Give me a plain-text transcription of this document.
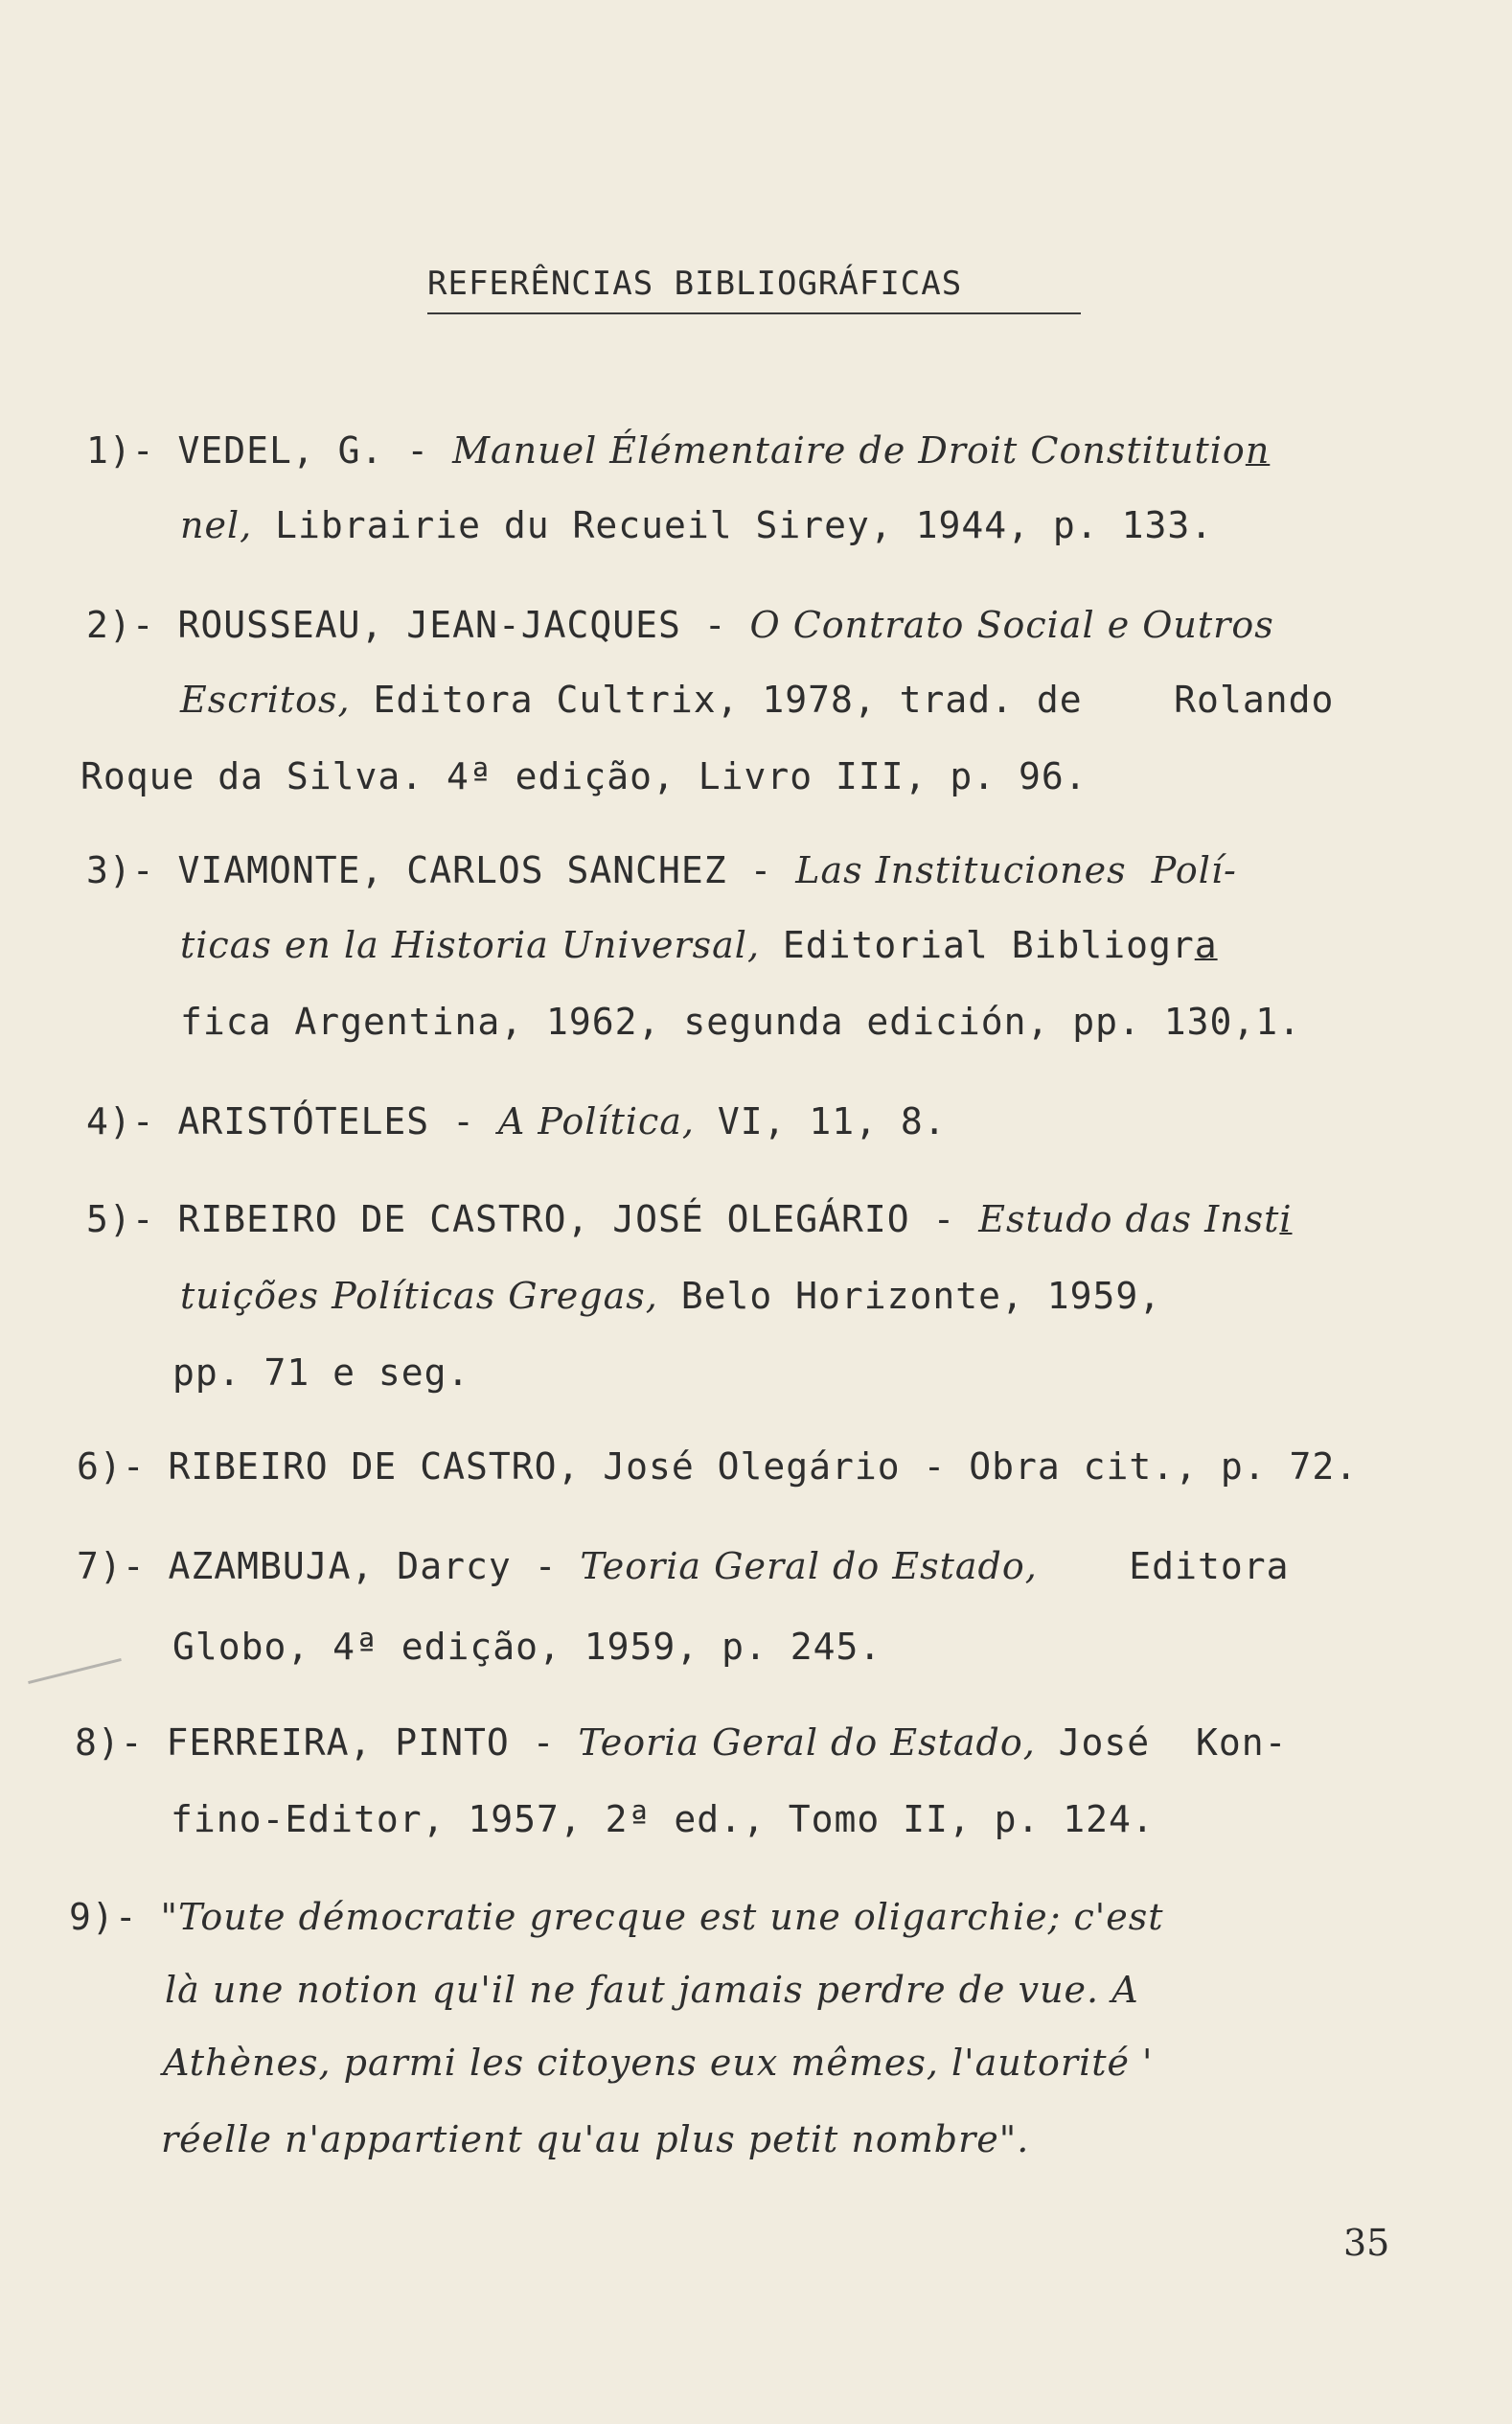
REFERÊNCIAS BIBLIOGRÁFICAS
1)- VEDEL, G. - Manuel Élémentaire de Droit Constitution
nel, Librairie du Recueil Sirey, 1944, p. 133.
2)- ROUSSEAU, JEAN-JACQUES - O Contrato Social e Outros
Escritos, Editora Cultrix, 1978, trad. de    Rolando
Roque da Silva. 4ª edição, Livro III, p. 96.
3)- VIAMONTE, CARLOS SANCHEZ - Las Instituciones  Polí-
ticas en la Historia Universal, Editorial Bibliogra
fica Argentina, 1962, segunda edición, pp. 130,1.
4)- ARISTÓTELES - A Política, VI, 11, 8.
5)- RIBEIRO DE CASTRO, JOSÉ OLEGÁRIO - Estudo das Insti
tuições Políticas Gregas, Belo Horizonte, 1959,
pp. 71 e seg.
6)- RIBEIRO DE CASTRO, José Olegário - Obra cit., p. 72.
7)- AZAMBUJA, Darcy - Teoria Geral do Estado,    Editora
Globo, 4ª edição, 1959, p. 245.
8)- FERREIRA, PINTO - Teoria Geral do Estado, José  Kon-
fino-Editor, 1957, 2ª ed., Tomo II, p. 124.
9)- "Toute démocratie grecque est une oligarchie; c'est
là une notion qu'il ne faut jamais perdre de vue. A
Athènes, parmi les citoyens eux mêmes, l'autorité '
réelle n'appartient qu'au plus petit nombre".
35
